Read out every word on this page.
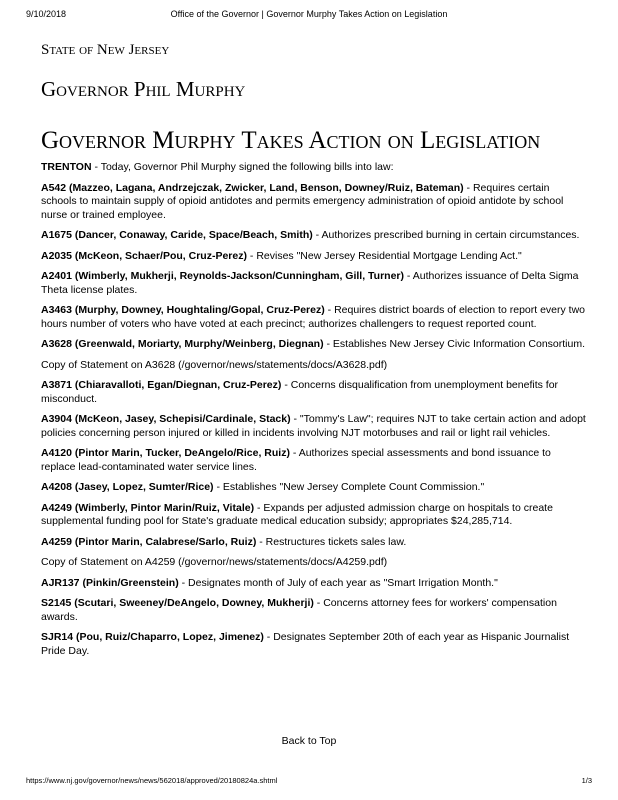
9/10/2018	Office of the Governor | Governor Murphy Takes Action on Legislation
State of New Jersey
Governor Phil Murphy
Governor Murphy Takes Action on Legislation

TRENTON - Today, Governor Phil Murphy signed the following bills into law:

A542 (Mazzeo, Lagana, Andrzejczak, Zwicker, Land, Benson, Downey/Ruiz, Bateman) - Requires certain schools to maintain supply of opioid antidotes and permits emergency administration of opioid antidote by school nurse or trained employee.

A1675 (Dancer, Conaway, Caride, Space/Beach, Smith) - Authorizes prescribed burning in certain circumstances.

A2035 (McKeon, Schaer/Pou, Cruz-Perez) - Revises "New Jersey Residential Mortgage Lending Act."

A2401 (Wimberly, Mukherji, Reynolds-Jackson/Cunningham, Gill, Turner) - Authorizes issuance of Delta Sigma Theta license plates.

A3463 (Murphy, Downey, Houghtaling/Gopal, Cruz-Perez) - Requires district boards of election to report every two hours number of voters who have voted at each precinct; authorizes challengers to request reported count.

A3628 (Greenwald, Moriarty, Murphy/Weinberg, Diegnan) - Establishes New Jersey Civic Information Consortium.

Copy of Statement on A3628 (/governor/news/statements/docs/A3628.pdf)

A3871 (Chiaravalloti, Egan/Diegnan, Cruz-Perez) - Concerns disqualification from unemployment benefits for misconduct.

A3904 (McKeon, Jasey, Schepisi/Cardinale, Stack) - "Tommy's Law"; requires NJT to take certain action and adopt policies concerning person injured or killed in incidents involving NJT motorbuses and rail or light rail vehicles.

A4120 (Pintor Marin, Tucker, DeAngelo/Rice, Ruiz) - Authorizes special assessments and bond issuance to replace lead-contaminated water service lines.

A4208 (Jasey, Lopez, Sumter/Rice) - Establishes "New Jersey Complete Count Commission."

A4249 (Wimberly, Pintor Marin/Ruiz, Vitale) - Expands per adjusted admission charge on hospitals to create supplemental funding pool for State's graduate medical education subsidy; appropriates $24,285,714.

A4259 (Pintor Marin, Calabrese/Sarlo, Ruiz) - Restructures tickets sales law.

Copy of Statement on A4259 (/governor/news/statements/docs/A4259.pdf)

AJR137 (Pinkin/Greenstein) - Designates month of July of each year as "Smart Irrigation Month."

S2145 (Scutari, Sweeney/DeAngelo, Downey, Mukherji) - Concerns attorney fees for workers' compensation awards.

SJR14 (Pou, Ruiz/Chaparro, Lopez, Jimenez) - Designates September 20th of each year as Hispanic Journalist Pride Day.

Back to Top
https://www.nj.gov/governor/news/news/562018/approved/20180824a.shtml	1/3
